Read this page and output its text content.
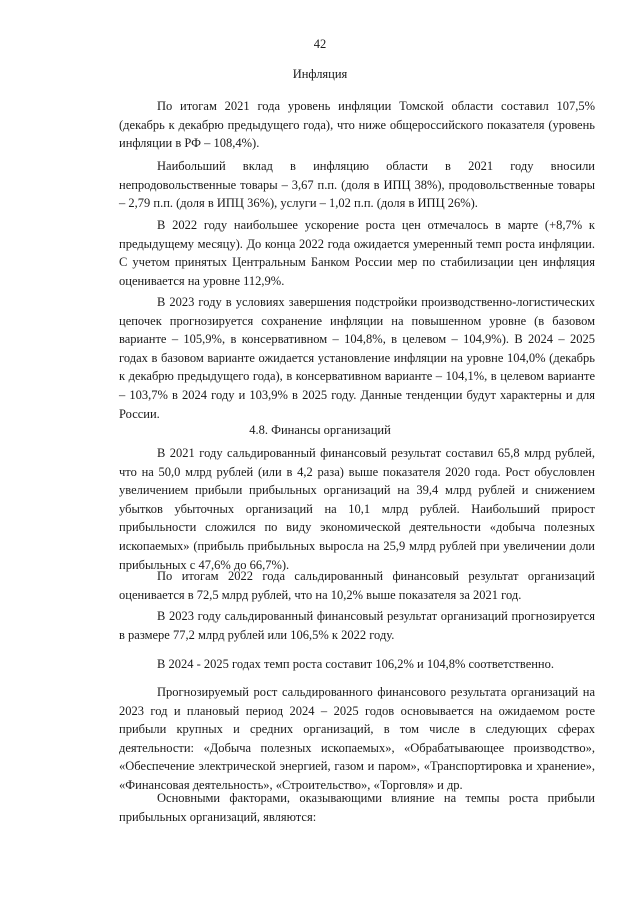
42
Инфляция

По итогам 2021 года уровень инфляции Томской области составил 107,5% (декабрь к декабрю предыдущего года), что ниже общероссийского показателя (уровень инфляции в РФ – 108,4%).

Наибольший вклад в инфляцию области в 2021 году вносили непродовольственные товары – 3,67 п.п. (доля в ИПЦ 38%), продовольственные товары – 2,79 п.п. (доля в ИПЦ 36%), услуги – 1,02 п.п. (доля в ИПЦ 26%).

В 2022 году наибольшее ускорение роста цен отмечалось в марте (+8,7% к предыдущему месяцу). До конца 2022 года ожидается умеренный темп роста инфляции. С учетом принятых Центральным Банком России мер по стабилизации цен инфляция оценивается на уровне 112,9%.

В 2023 году в условиях завершения подстройки производственно-логистических цепочек прогнозируется сохранение инфляции на повышенном уровне (в базовом варианте – 105,9%, в консервативном – 104,8%, в целевом – 104,9%). В 2024 – 2025 годах в базовом варианте ожидается установление инфляции на уровне 104,0% (декабрь к декабрю предыдущего года), в консервативном варианте – 104,1%, в целевом варианте – 103,7% в 2024 году и 103,9% в 2025 году. Данные тенденции будут характерны и для России.

4.8. Финансы организаций

В 2021 году сальдированный финансовый результат составил 65,8 млрд рублей, что на 50,0 млрд рублей (или в 4,2 раза) выше показателя 2020 года. Рост обусловлен увеличением прибыли прибыльных организаций на 39,4 млрд рублей и снижением убытков убыточных организаций на 10,1 млрд рублей. Наибольший прирост прибыльности сложился по виду экономической деятельности «добыча полезных ископаемых» (прибыль прибыльных выросла на 25,9 млрд рублей при увеличении доли прибыльных с 47,6% до 66,7%).

По итогам 2022 года сальдированный финансовый результат организаций оценивается в 72,5 млрд рублей, что на 10,2% выше показателя за 2021 год.

В 2023 году сальдированный финансовый результат организаций прогнозируется в размере 77,2 млрд рублей или 106,5% к 2022 году.

В 2024 - 2025 годах темп роста составит 106,2% и 104,8% соответственно.

Прогнозируемый рост сальдированного финансового результата организаций на 2023 год и плановый период 2024 – 2025 годов основывается на ожидаемом росте прибыли крупных и средних организаций, в том числе в следующих сферах деятельности: «Добыча полезных ископаемых», «Обрабатывающее производство», «Обеспечение электрической энергией, газом и паром», «Транспортировка и хранение», «Финансовая деятельность», «Строительство», «Торговля» и др.

Основными факторами, оказывающими влияние на темпы роста прибыли прибыльных организаций, являются:
